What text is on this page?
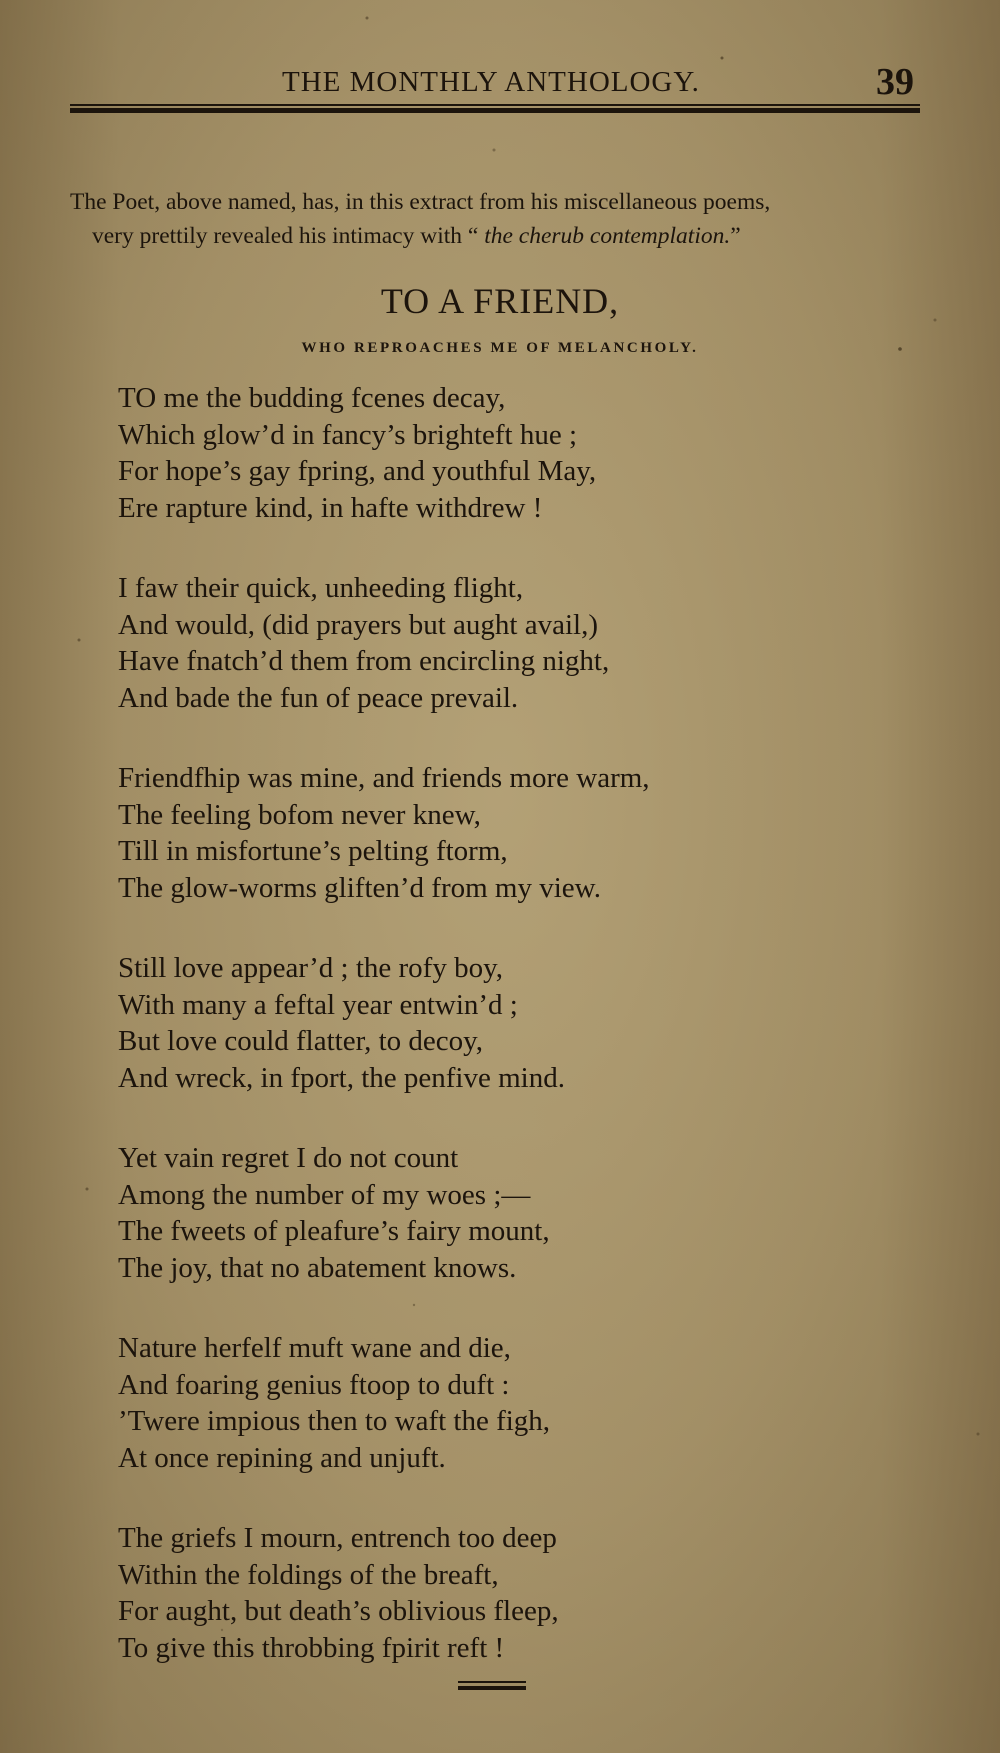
THE MONTHLY ANTHOLOGY.	39
The Poet, above named, has, in this extract from his miscellaneous poems,
very prettily revealed his intimacy with “ the cherub contemplation.”
TO A FRIEND,
WHO REPROACHES ME OF MELANCHOLY.
TO me the budding fcenes decay,
Which glow’d in fancy’s brighteft hue ;
For hope’s gay fpring, and youthful May,
Ere rapture kind, in hafte withdrew !
I faw their quick, unheeding flight,
And would, (did prayers but aught avail,)
Have fnatch’d them from encircling night,
And bade the fun of peace prevail.
Friendfhip was mine, and friends more warm,
The feeling bofom never knew,
Till in misfortune’s pelting ftorm,
The glow-worms gliften’d from my view.
Still love appear’d ; the rofy boy,
With many a feftal year entwin’d ;
But love could flatter, to decoy,
And wreck, in fport, the penfive mind.
Yet vain regret I do not count
Among the number of my woes ;—
The fweets of pleafure’s fairy mount,
The joy, that no abatement knows.
Nature herfelf muft wane and die,
And foaring genius ftoop to duft :
’Twere impious then to waft the figh,
At once repining and unjuft.
The griefs I mourn, entrench too deep
Within the foldings of the breaft,
For aught, but death’s oblivious fleep,
To give this throbbing fpirit reft !
